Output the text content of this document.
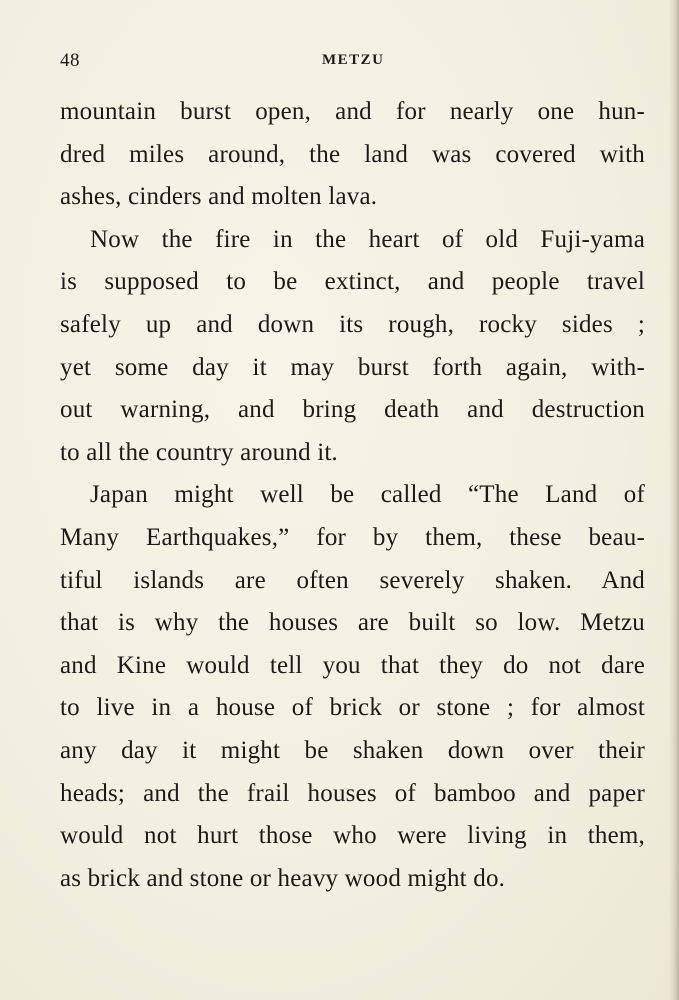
48	METZU
mountain burst open, and for nearly one hun-
dred miles around, the land was covered with
ashes, cinders and molten lava.
Now the fire in the heart of old Fuji-yama
is supposed to be extinct, and people travel
safely up and down its rough, rocky sides ;
yet some day it may burst forth again, with-
out warning, and bring death and destruction
to all the country around it.
Japan might well be called “The Land of
Many Earthquakes,” for by them, these beau-
tiful islands are often severely shaken. And
that is why the houses are built so low. Metzu
and Kine would tell you that they do not dare
to live in a house of brick or stone ; for almost
any day it might be shaken down over their
heads; and the frail houses of bamboo and paper
would not hurt those who were living in them,
as brick and stone or heavy wood might do.
